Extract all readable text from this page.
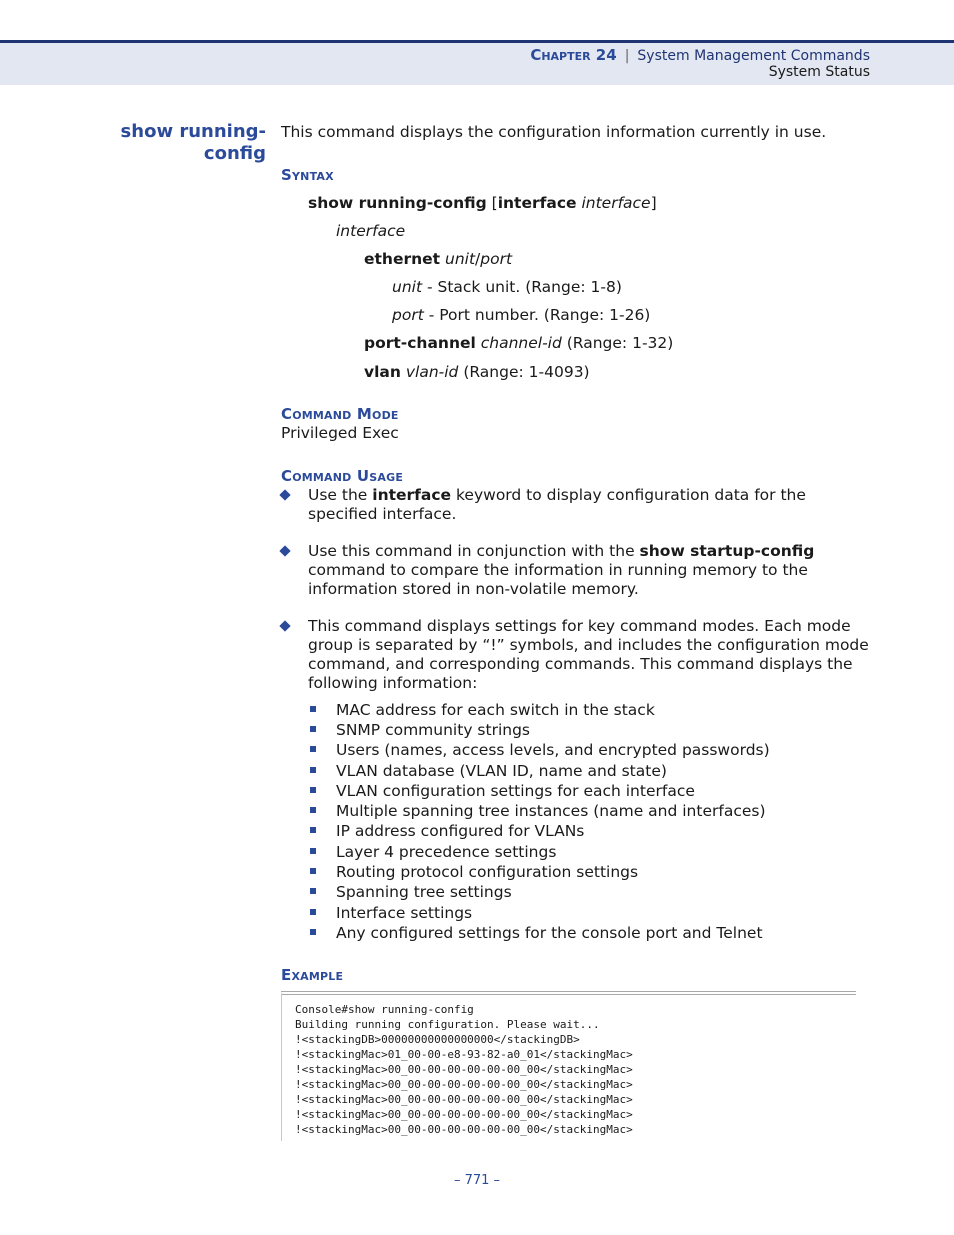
Chapter 24 | System Management Commands
System Status
show running-
config
This command displays the configuration information currently in use.
Syntax
show running-config [interface interface]
interface
ethernet unit/port
unit - Stack unit. (Range: 1-8)
port - Port number. (Range: 1-26)
port-channel channel-id (Range: 1-32)
vlan vlan-id (Range: 1-4093)
Command Mode
Privileged Exec
Command Usage
Use the interface keyword to display configuration data for the specified interface.
Use this command in conjunction with the show startup-config command to compare the information in running memory to the information stored in non-volatile memory.
This command displays settings for key command modes. Each mode group is separated by “!” symbols, and includes the configuration mode command, and corresponding commands. This command displays the following information:
MAC address for each switch in the stack
SNMP community strings
Users (names, access levels, and encrypted passwords)
VLAN database (VLAN ID, name and state)
VLAN configuration settings for each interface
Multiple spanning tree instances (name and interfaces)
IP address configured for VLANs
Layer 4 precedence settings
Routing protocol configuration settings
Spanning tree settings
Interface settings
Any configured settings for the console port and Telnet
Example
Console#show running-config
Building running configuration. Please wait...
!<stackingDB>00000000000000000</stackingDB>
!<stackingMac>01_00-00-e8-93-82-a0_01</stackingMac>
!<stackingMac>00_00-00-00-00-00-00_00</stackingMac>
!<stackingMac>00_00-00-00-00-00-00_00</stackingMac>
!<stackingMac>00_00-00-00-00-00-00_00</stackingMac>
!<stackingMac>00_00-00-00-00-00-00_00</stackingMac>
!<stackingMac>00_00-00-00-00-00-00_00</stackingMac>
– 771 –
